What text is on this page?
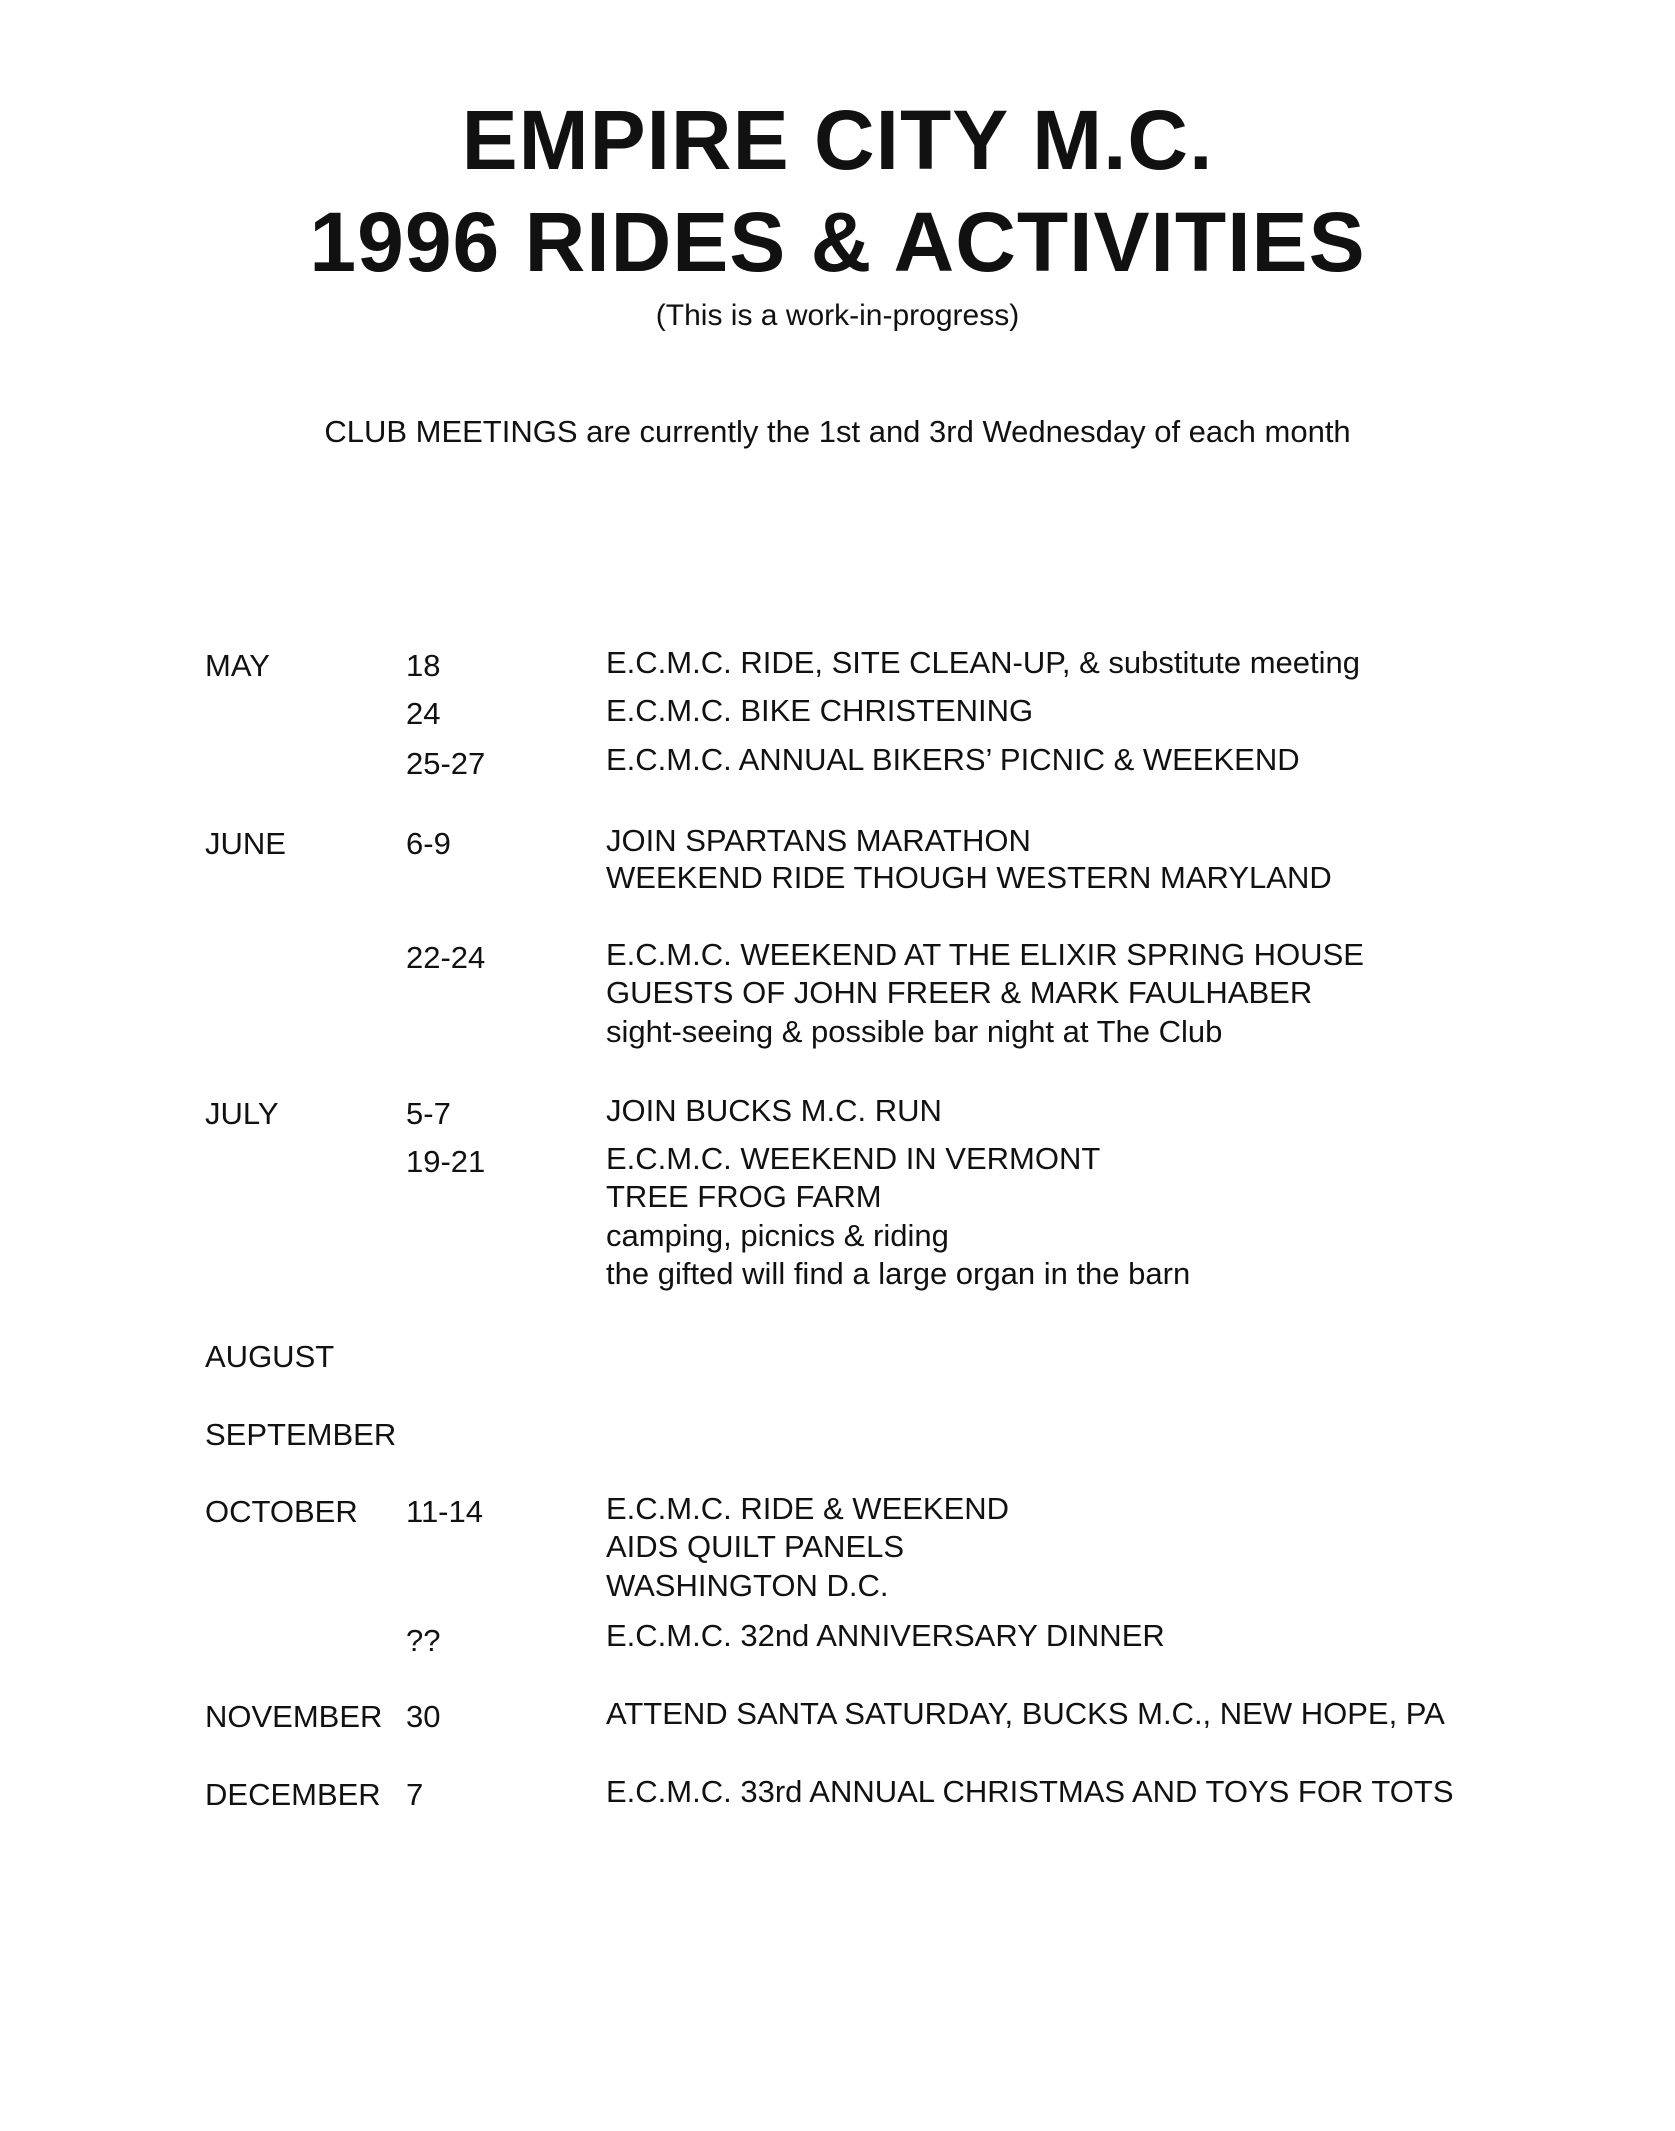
EMPIRE CITY M.C.
1996 RIDES & ACTIVITIES
(This is a work-in-progress)
CLUB MEETINGS are currently the 1st and 3rd Wednesday of each month
MAY
JUNE
JULY
AUGUST
SEPTEMBER
OCTOBER
NOVEMBER
DECEMBER
18
24
25-27
6-9
22-24
5-7
19-21
11-14
??
30
7
E.C.M.C. RIDE, SITE CLEAN-UP, & substitute meeting
E.C.M.C. BIKE CHRISTENING
E.C.M.C. ANNUAL BIKERS’ PICNIC & WEEKEND
JOIN SPARTANS MARATHON
WEEKEND RIDE THOUGH WESTERN MARYLAND
E.C.M.C. WEEKEND AT THE ELIXIR SPRING HOUSE
GUESTS OF JOHN FREER & MARK FAULHABER
sight-seeing & possible bar night at The Club
JOIN BUCKS M.C. RUN
E.C.M.C. WEEKEND IN VERMONT
TREE FROG FARM
camping, picnics & riding
the gifted will find a large organ in the barn
E.C.M.C. RIDE & WEEKEND
AIDS QUILT PANELS
WASHINGTON D.C.
E.C.M.C. 32nd ANNIVERSARY DINNER
ATTEND SANTA SATURDAY, BUCKS M.C., NEW HOPE, PA
E.C.M.C. 33rd ANNUAL CHRISTMAS AND TOYS FOR TOTS
